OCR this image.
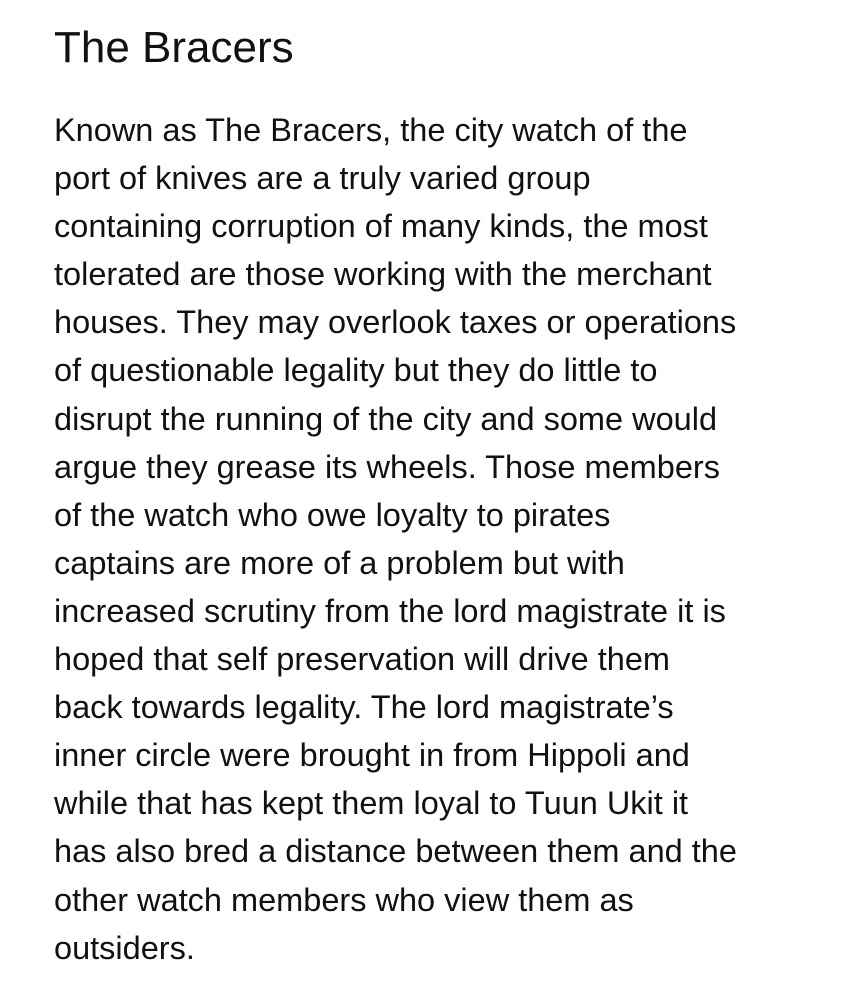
The Bracers
Known as The Bracers, the city watch of the
port of knives are a truly varied group
containing corruption of many kinds, the most
tolerated are those working with the merchant
houses. They may overlook taxes or operations
of questionable legality but they do little to
disrupt the running of the city and some would
argue they grease its wheels. Those members
of the watch who owe loyalty to pirates
captains are more of a problem but with
increased scrutiny from the lord magistrate it is
hoped that self preservation will drive them
back towards legality. The lord magistrate’s
inner circle were brought in from Hippoli and
while that has kept them loyal to Tuun Ukit it
has also bred a distance between them and the
other watch members who view them as
outsiders.
